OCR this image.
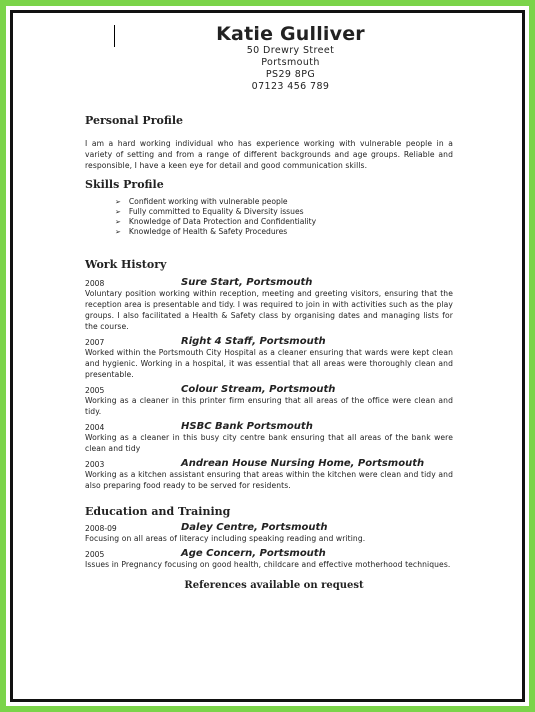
Katie Gulliver
50 Drewry Street
Portsmouth
PS29 8PG
07123 456 789
Personal Profile
I am a hard working individual who has experience working with vulnerable people in a variety of setting and from a range of different backgrounds and age groups. Reliable and responsible, I have a keen eye for detail and good communication skills.
Skills Profile
➢ Confident working with vulnerable people
➢ Fully committed to Equality & Diversity issues
➢ Knowledge of Data Protection and Confidentiality
➢ Knowledge of Health & Safety Procedures
Work History
2008	Sure Start, Portsmouth
Voluntary position working within reception, meeting and greeting visitors, ensuring that the reception area is presentable and tidy. I was required to join in with activities such as the play groups. I also facilitated a Health & Safety class by organising dates and managing lists for the course.
2007	Right 4 Staff, Portsmouth
Worked within the Portsmouth City Hospital as a cleaner ensuring that wards were kept clean and hygienic. Working in a hospital, it was essential that all areas were thoroughly clean and presentable.
2005	Colour Stream, Portsmouth
Working as a cleaner in this printer firm ensuring that all areas of the office were clean and tidy.
2004	HSBC Bank Portsmouth
Working as a cleaner in this busy city centre bank ensuring that all areas of the bank were clean and tidy
2003	Andrean House Nursing Home, Portsmouth
Working as a kitchen assistant ensuring that areas within the kitchen were clean and tidy and also preparing food ready to be served for residents.
Education and Training
2008-09	Daley Centre, Portsmouth
Focusing on all areas of literacy including speaking reading and writing.
2005	Age Concern, Portsmouth
Issues in Pregnancy focusing on good health, childcare and effective motherhood techniques.
References available on request
